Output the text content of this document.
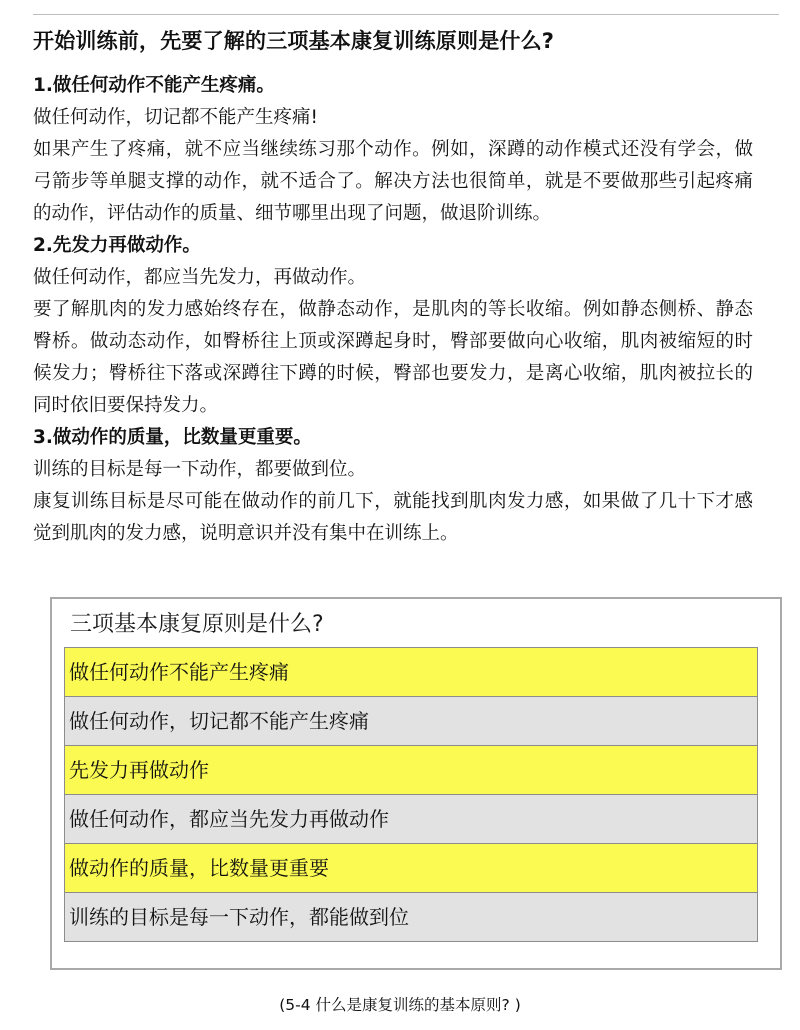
开始训练前，先要了解的三项基本康复训练原则是什么?

1.做任何动作不能产生疼痛。

做任何动作，切记都不能产生疼痛!

如果产生了疼痛，就不应当继续练习那个动作。例如，深蹲的动作模式还没有学会，做弓箭步等单腿支撑的动作，就不适合了。解决方法也很简单，就是不要做那些引起疼痛的动作，评估动作的质量、细节哪里出现了问题，做退阶训练。

2.先发力再做动作。

做任何动作，都应当先发力，再做动作。

要了解肌肉的发力感始终存在，做静态动作，是肌肉的等长收缩。例如静态侧桥、静态臀桥。做动态动作，如臀桥往上顶或深蹲起身时，臀部要做向心收缩，肌肉被缩短的时候发力；臀桥往下落或深蹲往下蹲的时候，臀部也要发力，是离心收缩，肌肉被拉长的同时依旧要保持发力。

3.做动作的质量，比数量更重要。

训练的目标是每一下动作，都要做到位。

康复训练目标是尽可能在做动作的前几下，就能找到肌肉发力感，如果做了几十下才感觉到肌肉的发力感，说明意识并没有集中在训练上。

三项基本康复原则是什么?
做任何动作不能产生疼痛
做任何动作，切记都不能产生疼痛
先发力再做动作
做任何动作，都应当先发力再做动作
做动作的质量，比数量更重要
训练的目标是每一下动作，都能做到位
(5-4 什么是康复训练的基本原则? )
